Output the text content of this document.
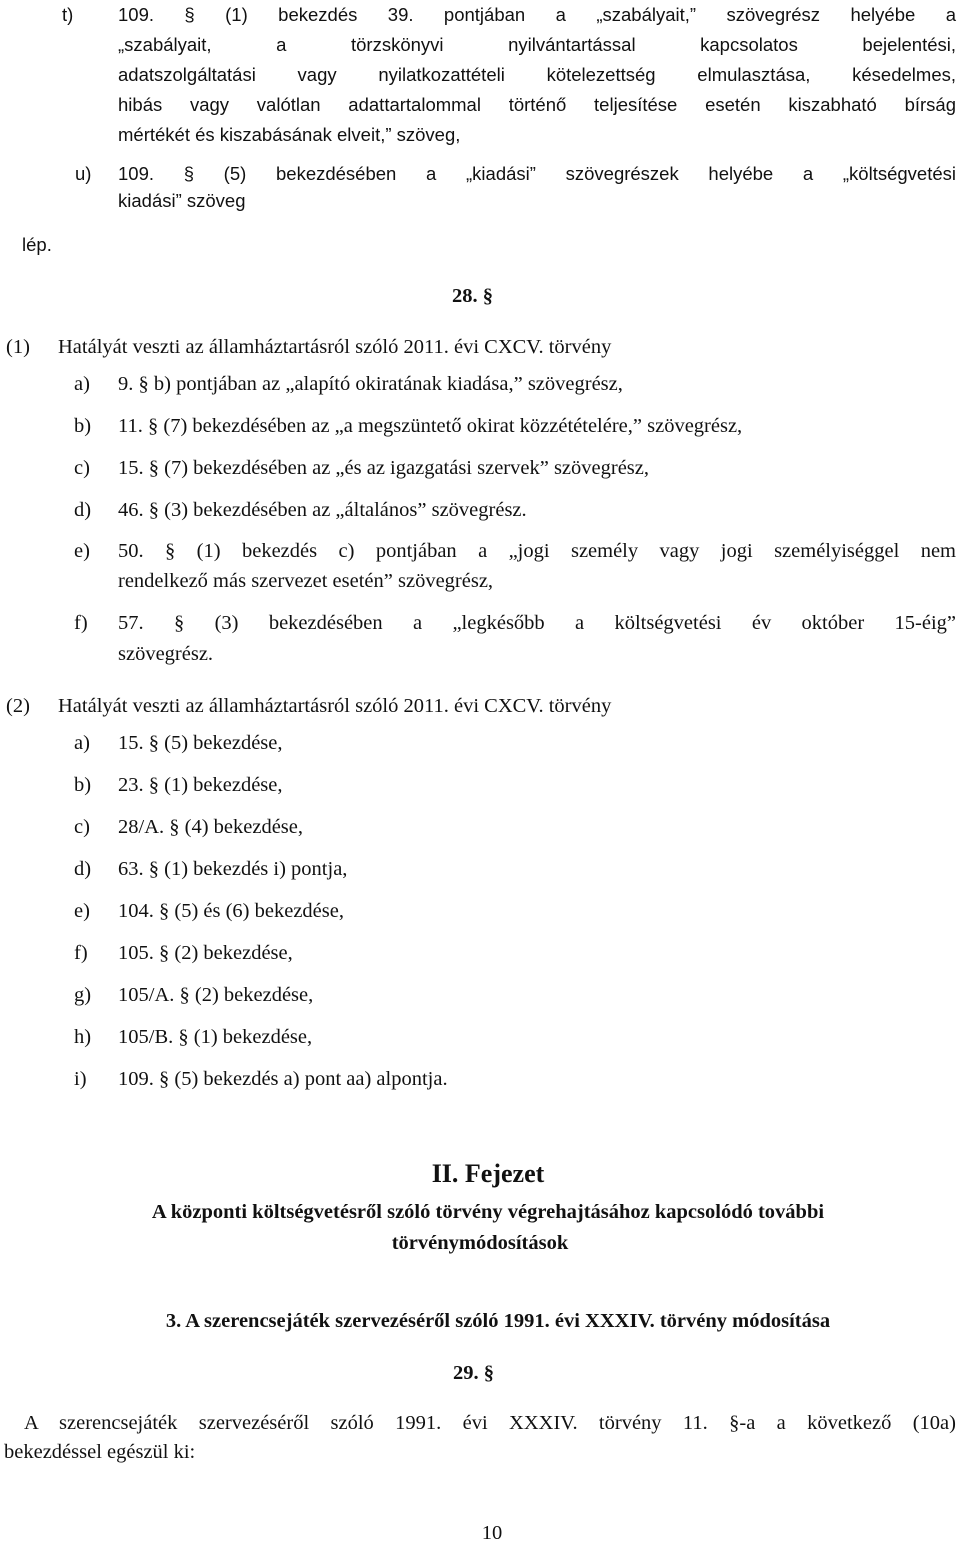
t) 109. § (1) bekezdés 39. pontjában a „szabályait,” szövegrész helyébe a
„szabályait, a törzskönyvi nyilvántartással kapcsolatos bejelentési,
adatszolgáltatási vagy nyilatkozattételi kötelezettség elmulasztása, késedelmes,
hibás vagy valótlan adattartalommal történő teljesítése esetén kiszabható bírság
mértékét és kiszabásának elveit,” szöveg,
u) 109. § (5) bekezdésében a „kiadási” szövegrészek helyébe a „költségvetési
kiadási” szöveg
lép.
28. §
(1) Hatályát veszti az államháztartásról szóló 2011. évi CXCV. törvény
a) 9. § b) pontjában az „alapító okiratának kiadása,” szövegrész,
b) 11. § (7) bekezdésében az „a megszüntető okirat közzétételére,” szövegrész,
c) 15. § (7) bekezdésében az „és az igazgatási szervek” szövegrész,
d) 46. § (3) bekezdésében az „általános” szövegrész.
e) 50. § (1) bekezdés c) pontjában a „jogi személy vagy jogi személyiséggel nem
rendelkező más szervezet esetén” szövegrész,
f) 57. § (3) bekezdésében a „legkésőbb a költségvetési év október 15-éig”
szövegrész.
(2) Hatályát veszti az államháztartásról szóló 2011. évi CXCV. törvény
a) 15. § (5) bekezdése,
b) 23. § (1) bekezdése,
c) 28/A. § (4) bekezdése,
d) 63. § (1) bekezdés i) pontja,
e) 104. § (5) és (6) bekezdése,
f) 105. § (2) bekezdése,
g) 105/A. § (2) bekezdése,
h) 105/B. § (1) bekezdése,
i) 109. § (5) bekezdés a) pont aa) alpontja.
II. Fejezet
A központi költségvetésről szóló törvény végrehajtásához kapcsolódó további
törvénymódosítások
3. A szerencsejáték szervezéséről szóló 1991. évi XXXIV. törvény módosítása
29. §
A szerencsejáték szervezéséről szóló 1991. évi XXXIV. törvény 11. §-a a következő (10a)
bekezdéssel egészül ki:
10
